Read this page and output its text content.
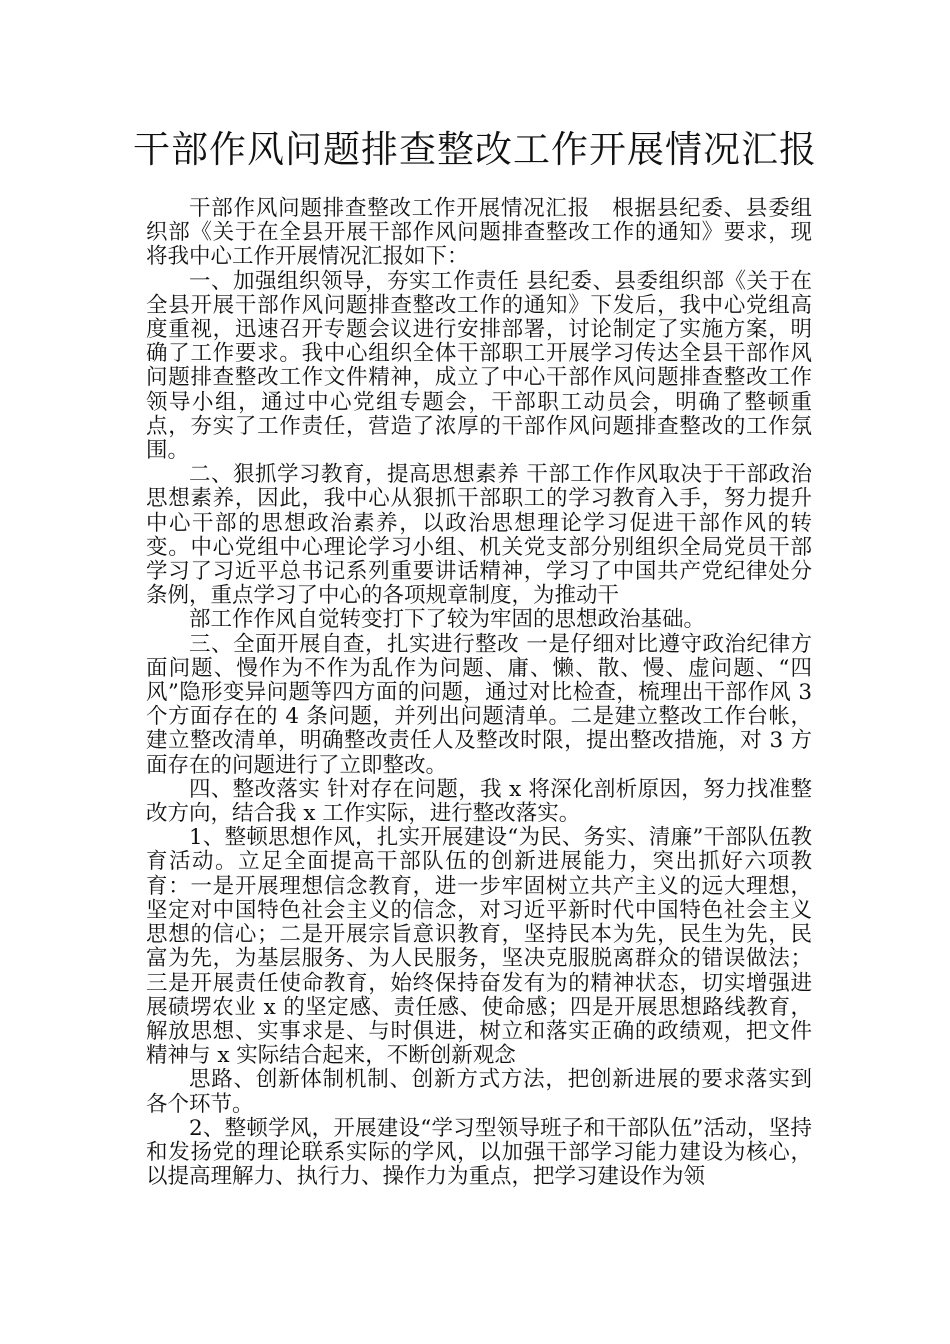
干部作风问题排查整改工作开展情况汇报

干部作风问题排查整改工作开展情况汇报　根据县纪委、县委组织部《关于在全县开展干部作风问题排查整改工作的通知》要求，现将我中心工作开展情况汇报如下：

一、加强组织领导，夯实工作责任 县纪委、县委组织部《关于在全县开展干部作风问题排查整改工作的通知》下发后，我中心党组高度重视，迅速召开专题会议进行安排部署，讨论制定了实施方案，明确了工作要求。我中心组织全体干部职工开展学习传达全县干部作风问题排查整改工作文件精神，成立了中心干部作风问题排查整改工作领导小组，通过中心党组专题会，干部职工动员会，明确了整顿重点，夯实了工作责任，营造了浓厚的干部作风问题排查整改的工作氛围。

二、狠抓学习教育，提高思想素养 干部工作作风取决于干部政治思想素养，因此，我中心从狠抓干部职工的学习教育入手，努力提升中心干部的思想政治素养，以政治思想理论学习促进干部作风的转变。中心党组中心理论学习小组、机关党支部分别组织全局党员干部学习了习近平总书记系列重要讲话精神，学习了中国共产党纪律处分条例，重点学习了中心的各项规章制度，为推动干

部工作作风自觉转变打下了较为牢固的思想政治基础。

三、全面开展自查，扎实进行整改 一是仔细对比遵守政治纪律方面问题、慢作为不作为乱作为问题、庸、懒、散、慢、虚问题、“四风”隐形变异问题等四方面的问题，通过对比检查，梳理出干部作风 3 个方面存在的 4 条问题，并列出问题清单。二是建立整改工作台帐，建立整改清单，明确整改责任人及整改时限，提出整改措施，对 3 方面存在的问题进行了立即整改。

四、整改落实 针对存在问题，我 x 将深化剖析原因，努力找准整改方向，结合我 x 工作实际，进行整改落实。

1、整顿思想作风，扎实开展建设“为民、务实、清廉”干部队伍教育活动。立足全面提高干部队伍的创新进展能力，突出抓好六项教育：一是开展理想信念教育，进一步牢固树立共产主义的远大理想，坚定对中国特色社会主义的信念，对习近平新时代中国特色社会主义思想的信心；二是开展宗旨意识教育，坚持民本为先，民生为先，民富为先，为基层服务、为人民服务，坚决克服脱离群众的错误做法；三是开展责任使命教育，始终保持奋发有为的精神状态，切实增强进展碛塄农业 x 的坚定感、责任感、使命感；四是开展思想路线教育，解放思想、实事求是、与时俱进，树立和落实正确的政绩观，把文件精神与 x 实际结合起来，不断创新观念

思路、创新体制机制、创新方式方法，把创新进展的要求落实到各个环节。

2、整顿学风，开展建设“学习型领导班子和干部队伍”活动，坚持和发扬党的理论联系实际的学风，以加强干部学习能力建设为核心，以提高理解力、执行力、操作力为重点，把学习建设作为领
